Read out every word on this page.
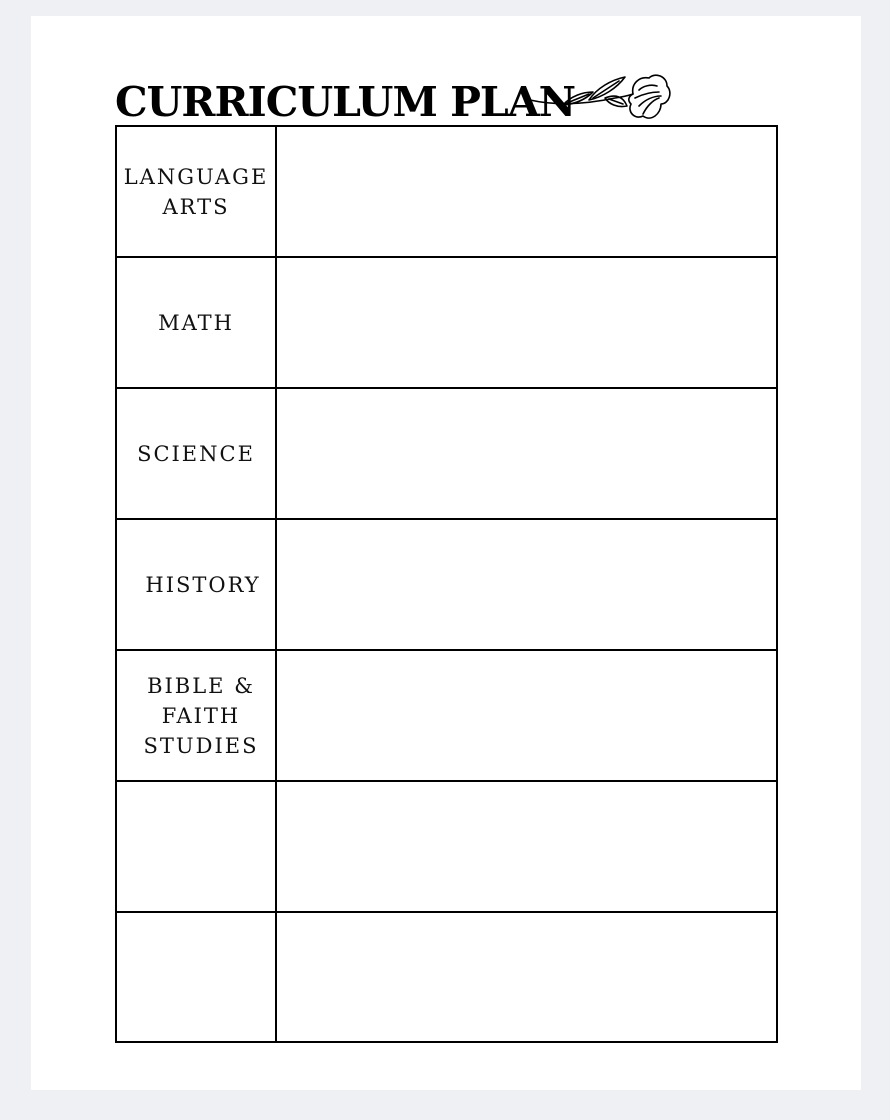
CURRICULUM PLAN
LANGUAGE
ARTS
MATH
SCIENCE
HISTORY
BIBLE &
FAITH
STUDIES
